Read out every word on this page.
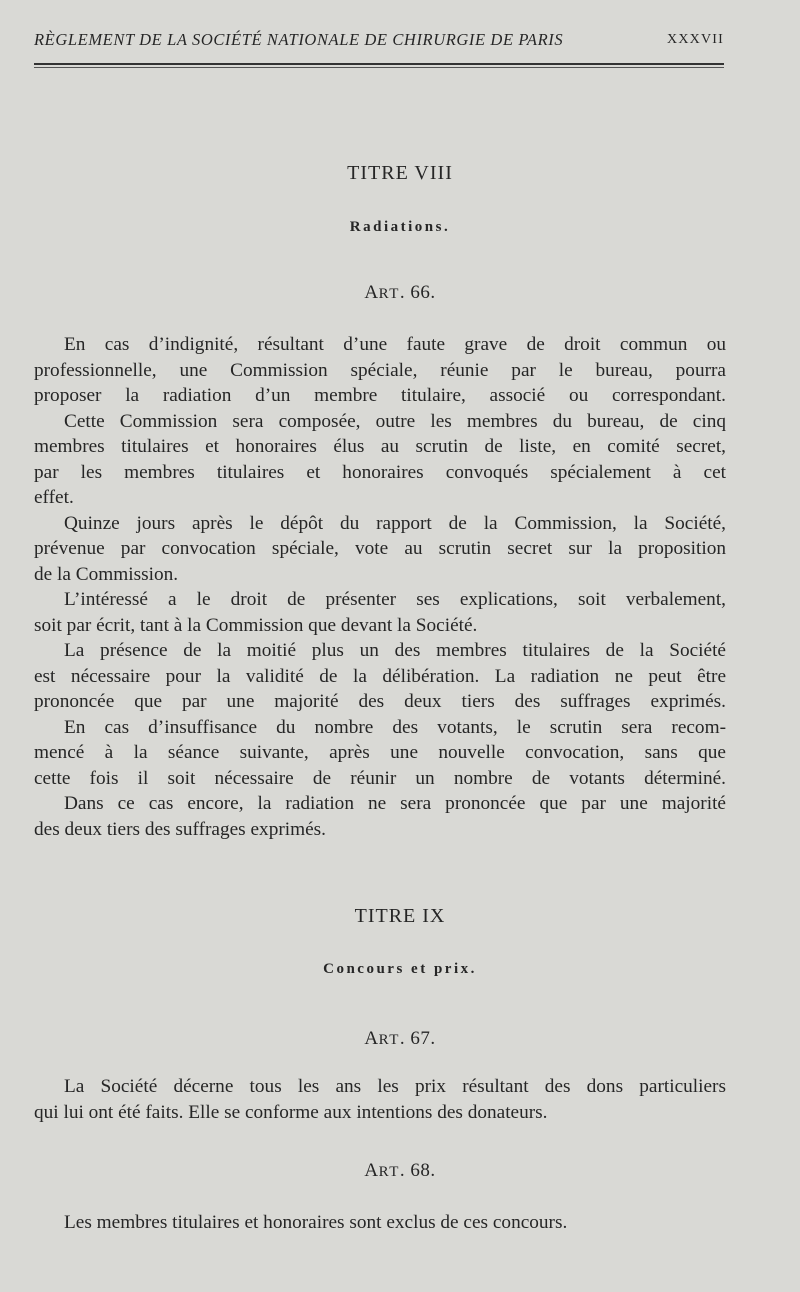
RÈGLEMENT DE LA SOCIÉTÉ NATIONALE DE CHIRURGIE DE PARIS	XXXVII
TITRE VIII
Radiations.
ART. 66.
En cas d’indignité, résultant d’une faute grave de droit commun ou
professionnelle, une Commission spéciale, réunie par le bureau, pourra
proposer la radiation d’un membre titulaire, associé ou correspondant.
Cette Commission sera composée, outre les membres du bureau, de cinq
membres titulaires et honoraires élus au scrutin de liste, en comité secret,
par les membres titulaires et honoraires convoqués spécialement à cet
effet.
Quinze jours après le dépôt du rapport de la Commission, la Société,
prévenue par convocation spéciale, vote au scrutin secret sur la proposition
de la Commission.
L’intéressé a le droit de présenter ses explications, soit verbalement,
soit par écrit, tant à la Commission que devant la Société.
La présence de la moitié plus un des membres titulaires de la Société
est nécessaire pour la validité de la délibération. La radiation ne peut être
prononcée que par une majorité des deux tiers des suffrages exprimés.
En cas d’insuffisance du nombre des votants, le scrutin sera recom-
mencé à la séance suivante, après une nouvelle convocation, sans que
cette fois il soit nécessaire de réunir un nombre de votants déterminé.
Dans ce cas encore, la radiation ne sera prononcée que par une majorité
des deux tiers des suffrages exprimés.
TITRE IX
Concours et prix.
ART. 67.
La Société décerne tous les ans les prix résultant des dons particuliers
qui lui ont été faits. Elle se conforme aux intentions des donateurs.
ART. 68.
Les membres titulaires et honoraires sont exclus de ces concours.
